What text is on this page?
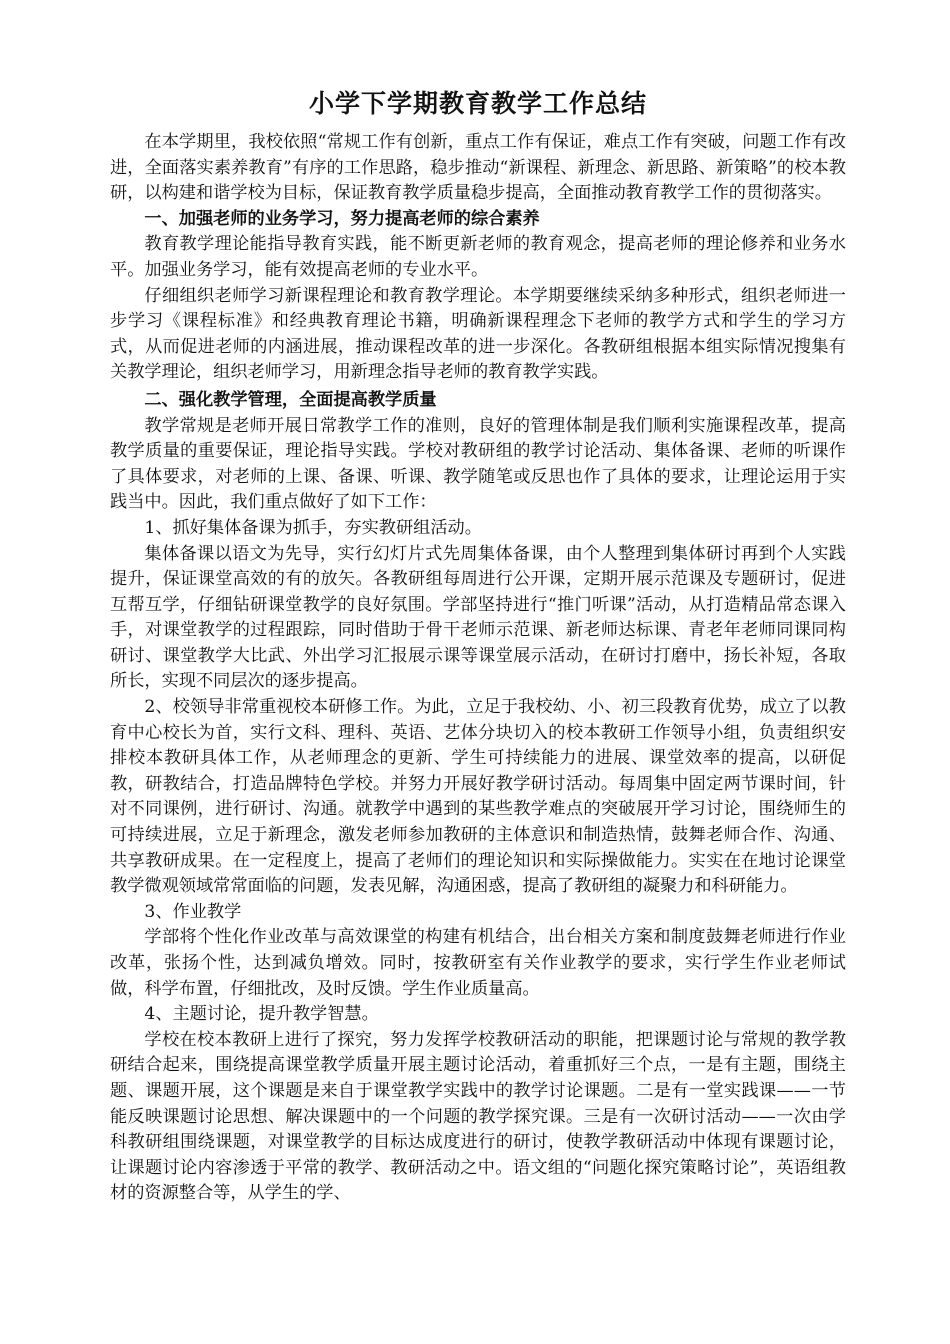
小学下学期教育教学工作总结

在本学期里，我校依照“常规工作有创新，重点工作有保证，难点工作有突破，问题工作有改进，全面落实素养教育”有序的工作思路，稳步推动“新课程、新理念、新思路、新策略”的校本教研，以构建和谐学校为目标，保证教育教学质量稳步提高，全面推动教育教学工作的贯彻落实。

一、加强老师的业务学习，努力提高老师的综合素养

教育教学理论能指导教育实践，能不断更新老师的教育观念，提高老师的理论修养和业务水平。加强业务学习，能有效提高老师的专业水平。

仔细组织老师学习新课程理论和教育教学理论。本学期要继续采纳多种形式，组织老师进一步学习《课程标准》和经典教育理论书籍，明确新课程理念下老师的教学方式和学生的学习方式，从而促进老师的内涵进展，推动课程改革的进一步深化。各教研组根据本组实际情况搜集有关教学理论，组织老师学习，用新理念指导老师的教育教学实践。

二、强化教学管理，全面提高教学质量

教学常规是老师开展日常教学工作的准则，良好的管理体制是我们顺利实施课程改革，提高教学质量的重要保证，理论指导实践。学校对教研组的教学讨论活动、集体备课、老师的听课作了具体要求，对老师的上课、备课、听课、教学随笔或反思也作了具体的要求，让理论运用于实践当中。因此，我们重点做好了如下工作：

1、抓好集体备课为抓手，夯实教研组活动。

集体备课以语文为先导，实行幻灯片式先周集体备课，由个人整理到集体研讨再到个人实践提升，保证课堂高效的有的放矢。各教研组每周进行公开课，定期开展示范课及专题研讨，促进互帮互学，仔细钻研课堂教学的良好氛围。学部坚持进行“推门听课”活动，从打造精品常态课入手，对课堂教学的过程跟踪，同时借助于骨干老师示范课、新老师达标课、青老年老师同课同构研讨、课堂教学大比武、外出学习汇报展示课等课堂展示活动，在研讨打磨中，扬长补短，各取所长，实现不同层次的逐步提高。

2、校领导非常重视校本研修工作。为此，立足于我校幼、小、初三段教育优势，成立了以教育中心校长为首，实行文科、理科、英语、艺体分块切入的校本教研工作领导小组，负责组织安排校本教研具体工作，从老师理念的更新、学生可持续能力的进展、课堂效率的提高，以研促教，研教结合，打造品牌特色学校。并努力开展好教学研讨活动。每周集中固定两节课时间，针对不同课例，进行研讨、沟通。就教学中遇到的某些教学难点的突破展开学习讨论，围绕师生的可持续进展，立足于新理念，激发老师参加教研的主体意识和制造热情，鼓舞老师合作、沟通、共享教研成果。在一定程度上，提高了老师们的理论知识和实际操做能力。实实在在地讨论课堂教学微观领域常常面临的问题，发表见解，沟通困惑，提高了教研组的凝聚力和科研能力。

3、作业教学

学部将个性化作业改革与高效课堂的构建有机结合，出台相关方案和制度鼓舞老师进行作业改革，张扬个性，达到减负增效。同时，按教研室有关作业教学的要求，实行学生作业老师试做，科学布置，仔细批改，及时反馈。学生作业质量高。

4、主题讨论，提升教学智慧。

学校在校本教研上进行了探究，努力发挥学校教研活动的职能，把课题讨论与常规的教学教研结合起来，围绕提高课堂教学质量开展主题讨论活动，着重抓好三个点，一是有主题，围绕主题、课题开展，这个课题是来自于课堂教学实践中的教学讨论课题。二是有一堂实践课——一节能反映课题讨论思想、解决课题中的一个问题的教学探究课。三是有一次研讨活动——一次由学科教研组围绕课题，对课堂教学的目标达成度进行的研讨，使教学教研活动中体现有课题讨论，让课题讨论内容渗透于平常的教学、教研活动之中。语文组的“问题化探究策略讨论”，英语组教材的资源整合等，从学生的学、
